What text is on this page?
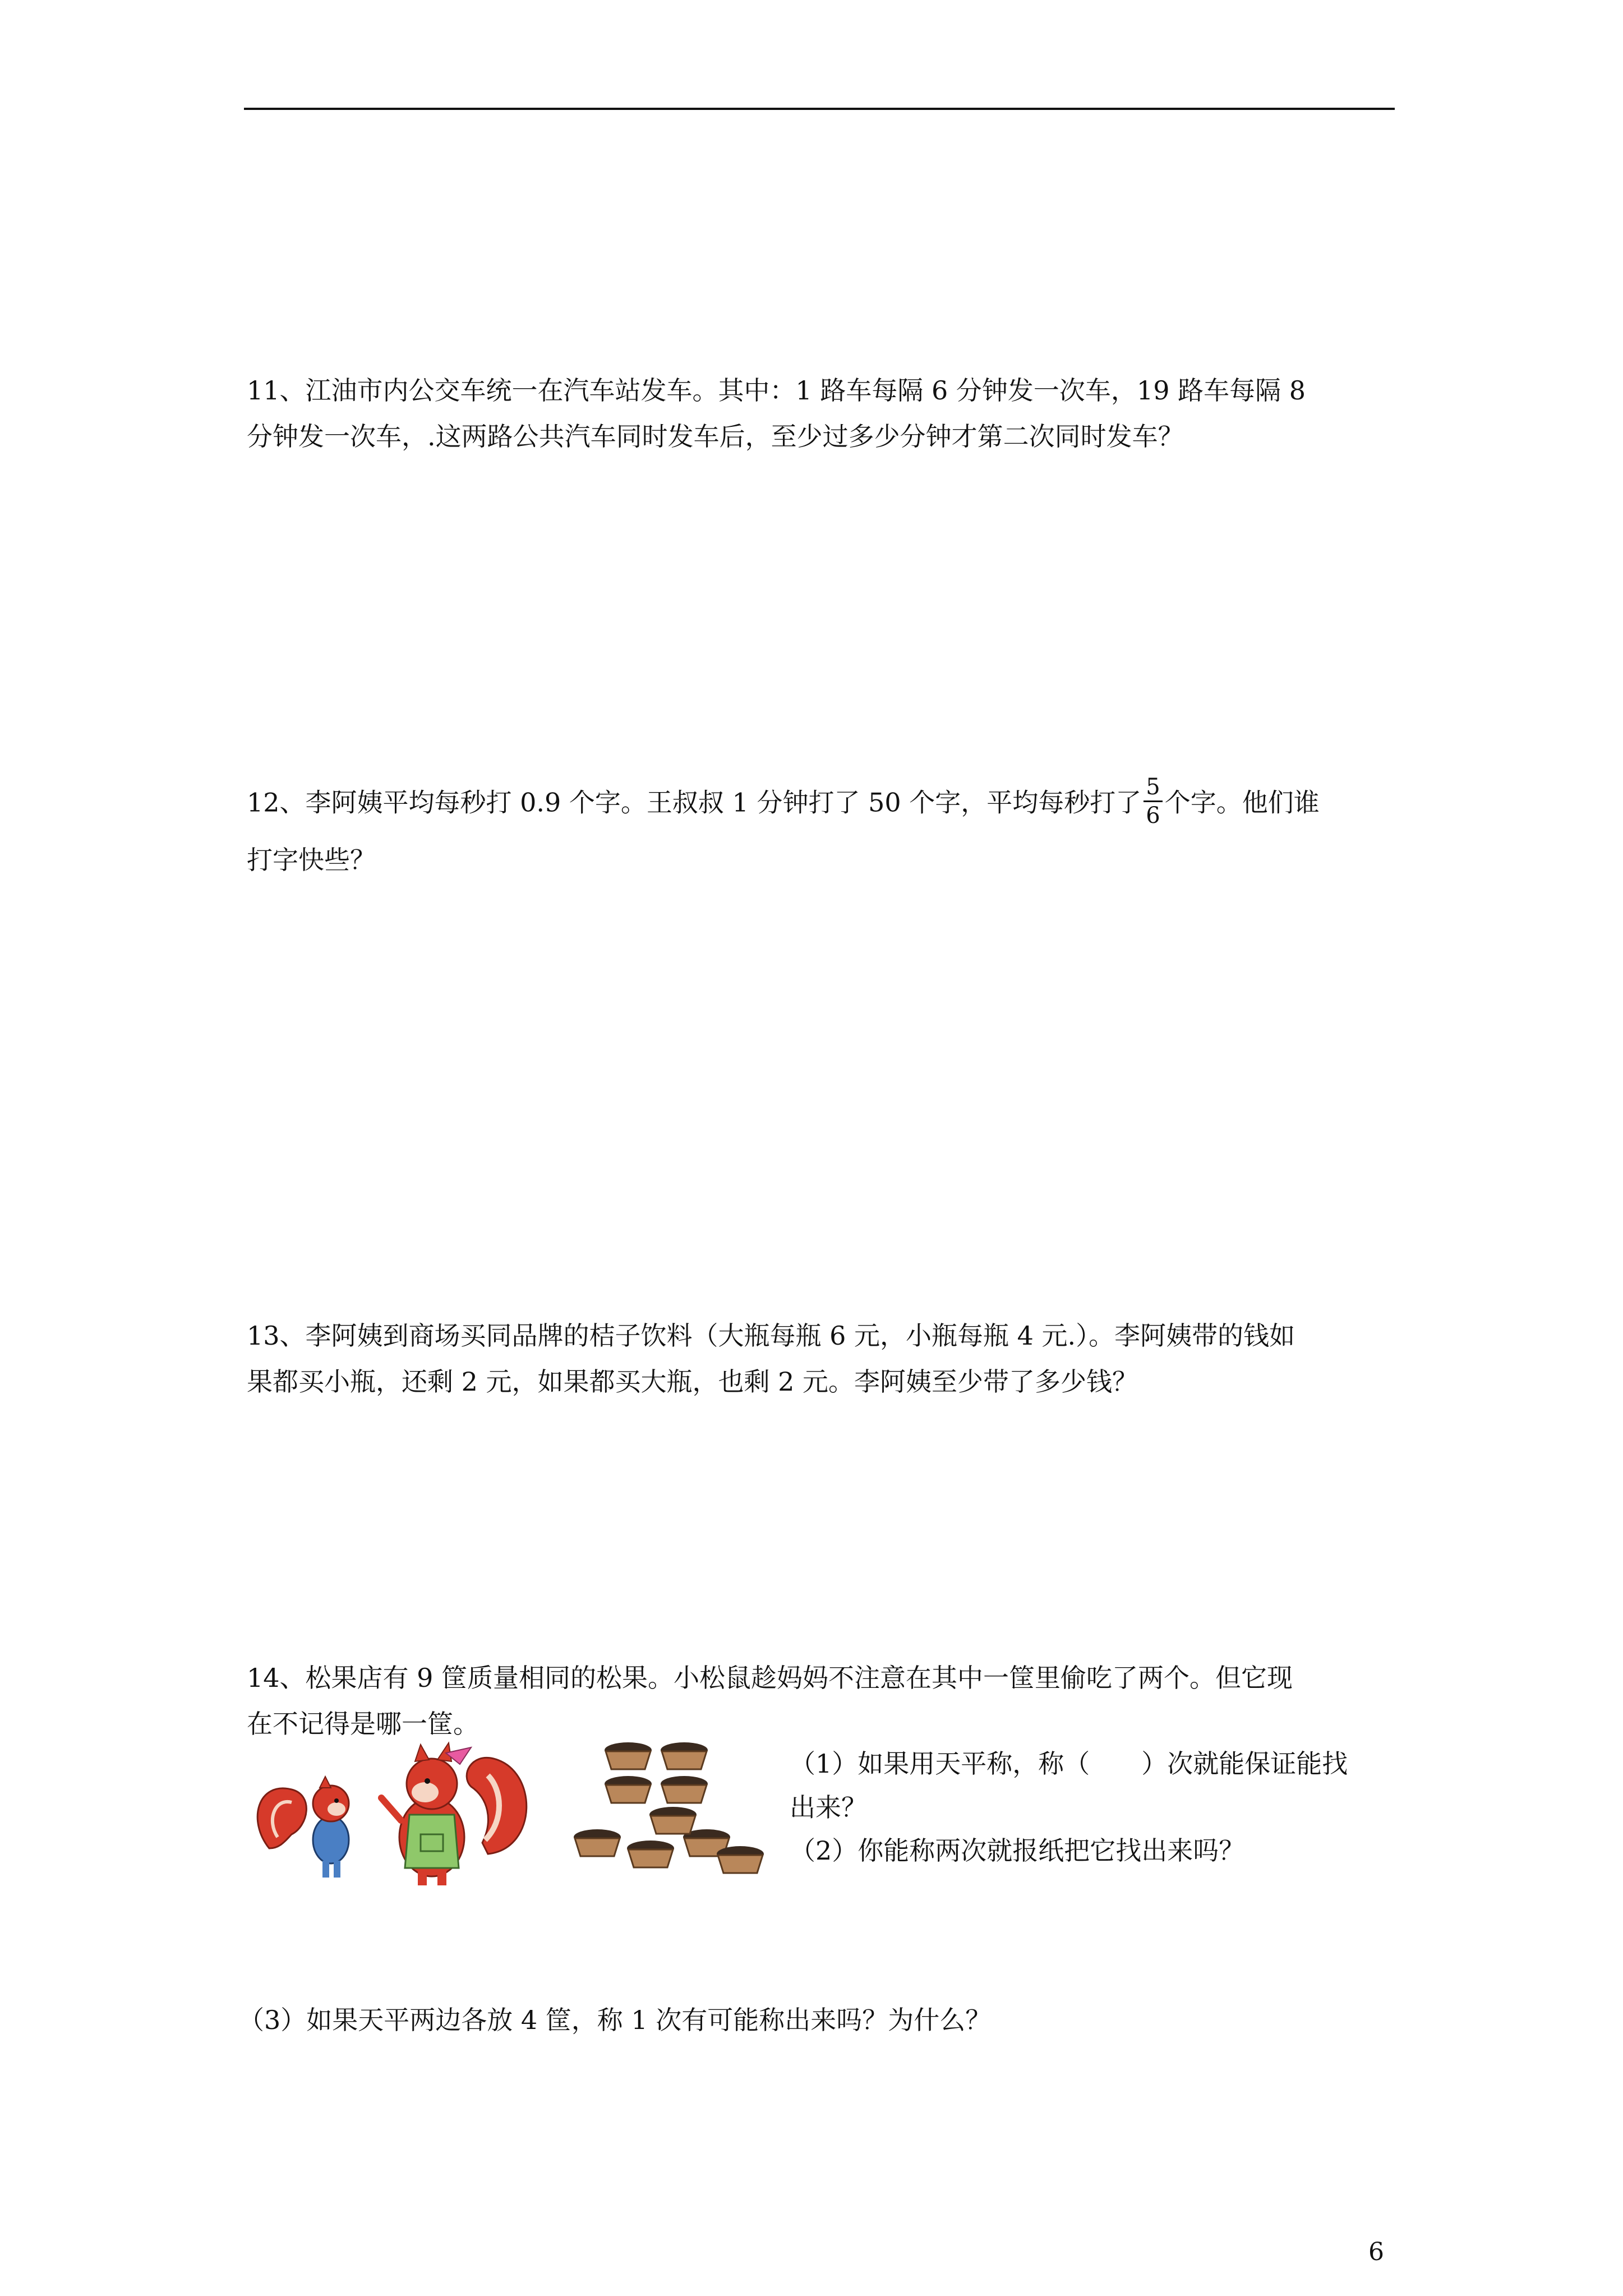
11、江油市内公交车统一在汽车站发车。其中：1 路车每隔 6 分钟发一次车，19 路车每隔 8
分钟发一次车，.这两路公共汽车同时发车后，至少过多少分钟才第二次同时发车？
12、李阿姨平均每秒打 0.9 个字。王叔叔 1 分钟打了 50 个字，平均每秒打了 $\frac{5}{6}$ 个字。他们谁
打字快些？
13、李阿姨到商场买同品牌的桔子饮料（大瓶每瓶 6 元，小瓶每瓶 4 元.）。李阿姨带的钱如
果都买小瓶，还剩 2 元，如果都买大瓶，也剩 2 元。李阿姨至少带了多少钱？
14、松果店有 9 筐质量相同的松果。小松鼠趁妈妈不注意在其中一筐里偷吃了两个。但它现
在不记得是哪一筐。
（1）如果用天平称，称（　　）次就能保证能找
出来？
（2）你能称两次就报纸把它找出来吗？
（3）如果天平两边各放 4 筐，称 1 次有可能称出来吗？为什么？
6
